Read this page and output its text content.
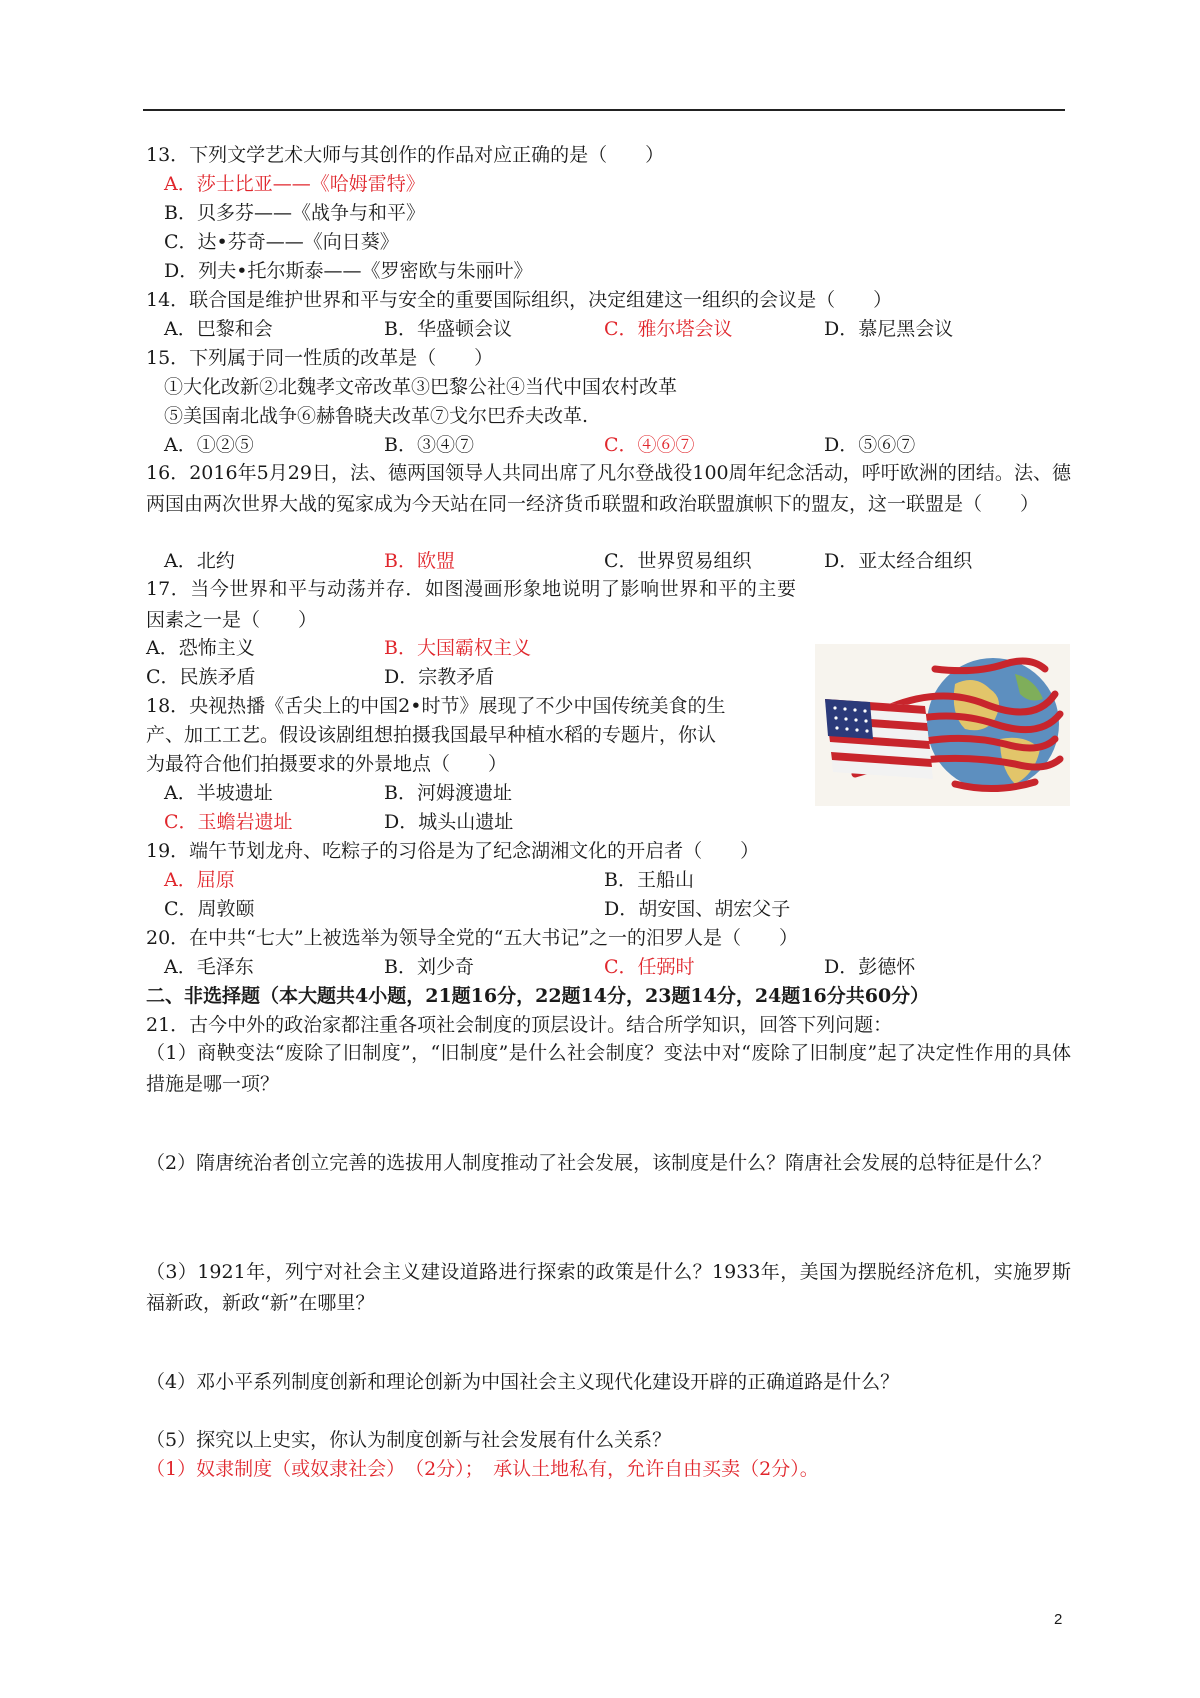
13．下列文学艺术大师与其创作的作品对应正确的是（　　）
A．莎士比亚——《哈姆雷特》
B．贝多芬——《战争与和平》
C．达•芬奇——《向日葵》
D．列夫•托尔斯泰——《罗密欧与朱丽叶》
14．联合国是维护世界和平与安全的重要国际组织，决定组建这一组织的会议是（　　）
A．巴黎和会	B．华盛顿会议	C．雅尔塔会议	D．慕尼黑会议
15．下列属于同一性质的改革是（　　）
①大化改新②北魏孝文帝改革③巴黎公社④当代中国农村改革
⑤美国南北战争⑥赫鲁晓夫改革⑦戈尔巴乔夫改革.
A．①②⑤	B．③④⑦	C．④⑥⑦	D．⑤⑥⑦
16．2016年5月29日，法、德两国领导人共同出席了凡尔登战役100周年纪念活动，呼吁欧洲的团结。法、德两国由两次世界大战的冤家成为今天站在同一经济货币联盟和政治联盟旗帜下的盟友，这一联盟是（　　）
A．北约	B．欧盟	C．世界贸易组织	D．亚太经合组织
17．当今世界和平与动荡并存．如图漫画形象地说明了影响世界和平的主要因素之一是（　　）
A．恐怖主义	B．大国霸权主义
C．民族矛盾	D．宗教矛盾
18．央视热播《舌尖上的中国2•时节》展现了不少中国传统美食的生
产、加工工艺。假设该剧组想拍摄我国最早种植水稻的专题片，你认
为最符合他们拍摄要求的外景地点（　　）
A．半坡遗址	B．河姆渡遗址
C．玉蟾岩遗址	D．城头山遗址
19．端午节划龙舟、吃粽子的习俗是为了纪念湖湘文化的开启者（　　）
A．屈原	B．王船山
C．周敦颐	D．胡安国、胡宏父子
20．在中共“七大”上被选举为领导全党的“五大书记”之一的汨罗人是（　　）
A．毛泽东	B．刘少奇	C．任弼时	D．彭德怀
二、非选择题（本大题共4小题，21题16分，22题14分，23题14分，24题16分共60分）
21．古今中外的政治家都注重各项社会制度的顶层设计。结合所学知识，回答下列问题：
（1）商鞅变法“废除了旧制度”，“旧制度”是什么社会制度？变法中对“废除了旧制度”起了决定性作用的具体措施是哪一项？
（2）隋唐统治者创立完善的选拔用人制度推动了社会发展，该制度是什么？隋唐社会发展的总特征是什么？
（3）1921年，列宁对社会主义建设道路进行探索的政策是什么？1933年，美国为摆脱经济危机，实施罗斯福新政，新政“新”在哪里？
（4）邓小平系列制度创新和理论创新为中国社会主义现代化建设开辟的正确道路是什么？
（5）探究以上史实，你认为制度创新与社会发展有什么关系？
（1）奴隶制度（或奴隶社会）　（2分）；　承认土地私有，允许自由买卖（2分）。
2
